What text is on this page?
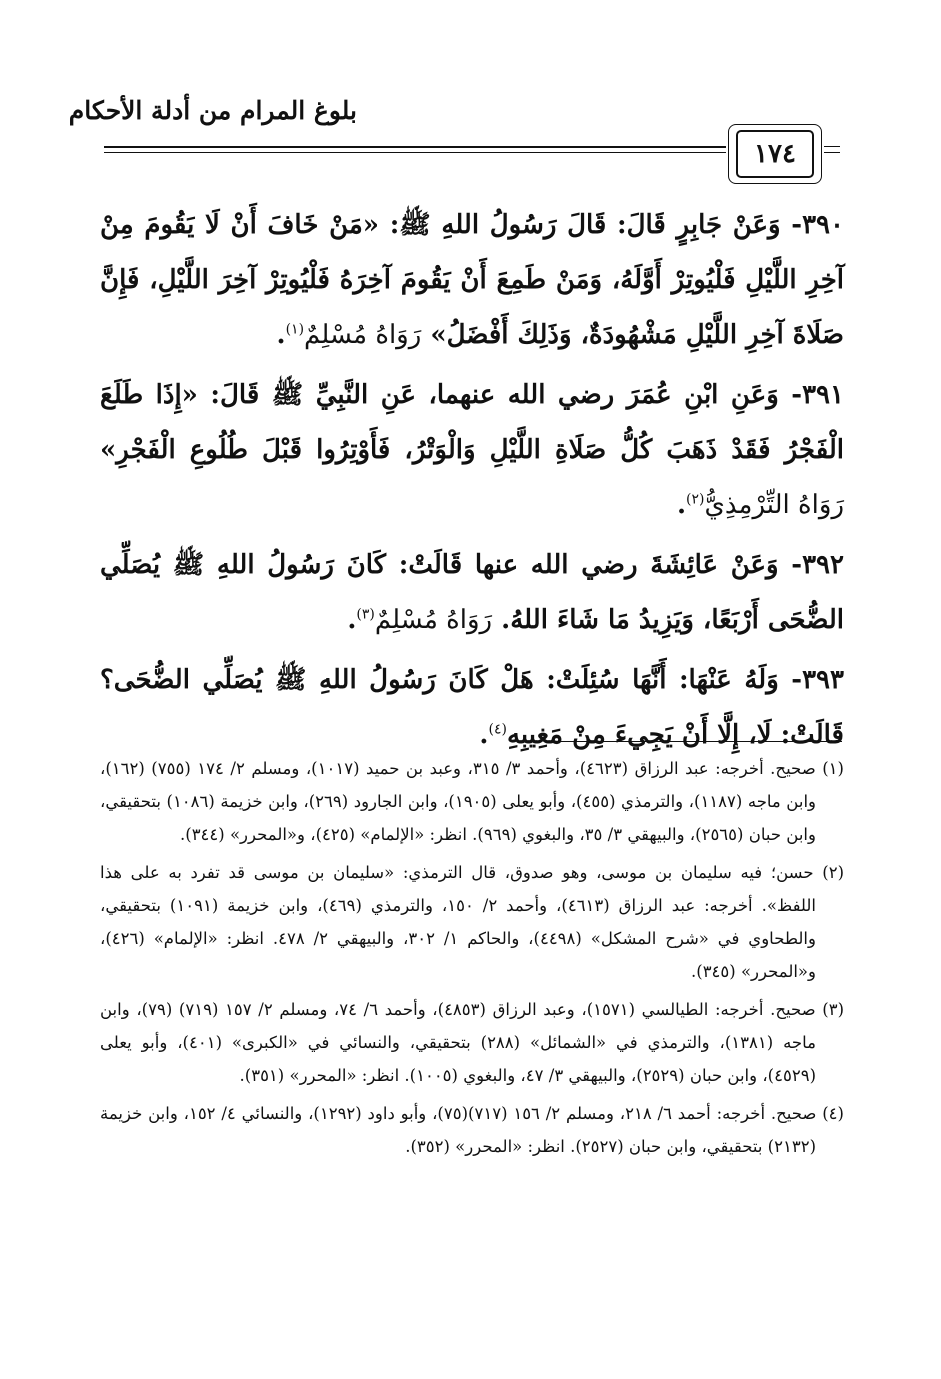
بلوغ المرام من أدلة الأحكام
١٧٤

٣٩٠- وَعَنْ جَابِرٍ قَالَ: قَالَ رَسُولُ اللهِ ﷺ: «مَنْ خَافَ أَنْ لَا يَقُومَ مِنْ آخِرِ اللَّيْلِ فَلْيُوتِرْ أَوَّلَهُ، وَمَنْ طَمِعَ أَنْ يَقُومَ آخِرَهُ فَلْيُوتِرْ آخِرَ اللَّيْلِ، فَإِنَّ صَلَاةَ آخِرِ اللَّيْلِ مَشْهُودَةٌ، وَذَلِكَ أَفْضَلُ» رَوَاهُ مُسْلِمٌ$^{(١)}$.

٣٩١- وَعَنِ ابْنِ عُمَرَ رضي الله عنهما، عَنِ النَّبِيِّ ﷺ قَالَ: «إِذَا طَلَعَ الْفَجْرُ فَقَدْ ذَهَبَ كُلُّ صَلَاةِ اللَّيْلِ وَالْوَتْرُ، فَأَوْتِرُوا قَبْلَ طُلُوعِ الْفَجْرِ» رَوَاهُ التِّرْمِذِيُّ$^{(٢)}$.

٣٩٢- وَعَنْ عَائِشَةَ رضي الله عنها قَالَتْ: كَانَ رَسُولُ اللهِ ﷺ يُصَلِّي الضُّحَى أَرْبَعًا، وَيَزِيدُ مَا شَاءَ اللهُ. رَوَاهُ مُسْلِمٌ$^{(٣)}$.

٣٩٣- وَلَهُ عَنْهَا: أَنَّهَا سُئِلَتْ: هَلْ كَانَ رَسُولُ اللهِ ﷺ يُصَلِّي الضُّحَى؟ قَالَتْ: لَا، إِلَّا أَنْ يَجِيءَ مِنْ مَغِيبِهِ$^{(٤)}$.

(١) صحيح. أخرجه: عبد الرزاق (٤٦٢٣)، وأحمد ٣/ ٣١٥، وعبد بن حميد (١٠١٧)، ومسلم ٢/ ١٧٤ (٧٥٥) (١٦٢)، وابن ماجه (١١٨٧)، والترمذي (٤٥٥)، وأبو يعلى (١٩٠٥)، وابن الجارود (٢٦٩)، وابن خزيمة (١٠٨٦) بتحقيقي، وابن حبان (٢٥٦٥)، والبيهقي ٣/ ٣٥، والبغوي (٩٦٩). انظر: «الإلمام» (٤٢٥)، و«المحرر» (٣٤٤).

(٢) حسن؛ فيه سليمان بن موسى، وهو صدوق، قال الترمذي: «سليمان بن موسى قد تفرد به على هذا اللفظ». أخرجه: عبد الرزاق (٤٦١٣)، وأحمد ٢/ ١٥٠، والترمذي (٤٦٩)، وابن خزيمة (١٠٩١) بتحقيقي، والطحاوي في «شرح المشكل» (٤٤٩٨)، والحاكم ١/ ٣٠٢، والبيهقي ٢/ ٤٧٨. انظر: «الإلمام» (٤٢٦)، و«المحرر» (٣٤٥).

(٣) صحيح. أخرجه: الطيالسي (١٥٧١)، وعبد الرزاق (٤٨٥٣)، وأحمد ٦/ ٧٤، ومسلم ٢/ ١٥٧ (٧١٩) (٧٩)، وابن ماجه (١٣٨١)، والترمذي في «الشمائل» (٢٨٨) بتحقيقي، والنسائي في «الكبرى» (٤٠١)، وأبو يعلى (٤٥٢٩)، وابن حبان (٢٥٢٩)، والبيهقي ٣/ ٤٧، والبغوي (١٠٠٥). انظر: «المحرر» (٣٥١).

(٤) صحيح. أخرجه: أحمد ٦/ ٢١٨، ومسلم ٢/ ١٥٦ (٧١٧)(٧٥)، وأبو داود (١٢٩٢)، والنسائي ٤/ ١٥٢، وابن خزيمة (٢١٣٢) بتحقيقي، وابن حبان (٢٥٢٧). انظر: «المحرر» (٣٥٢).
